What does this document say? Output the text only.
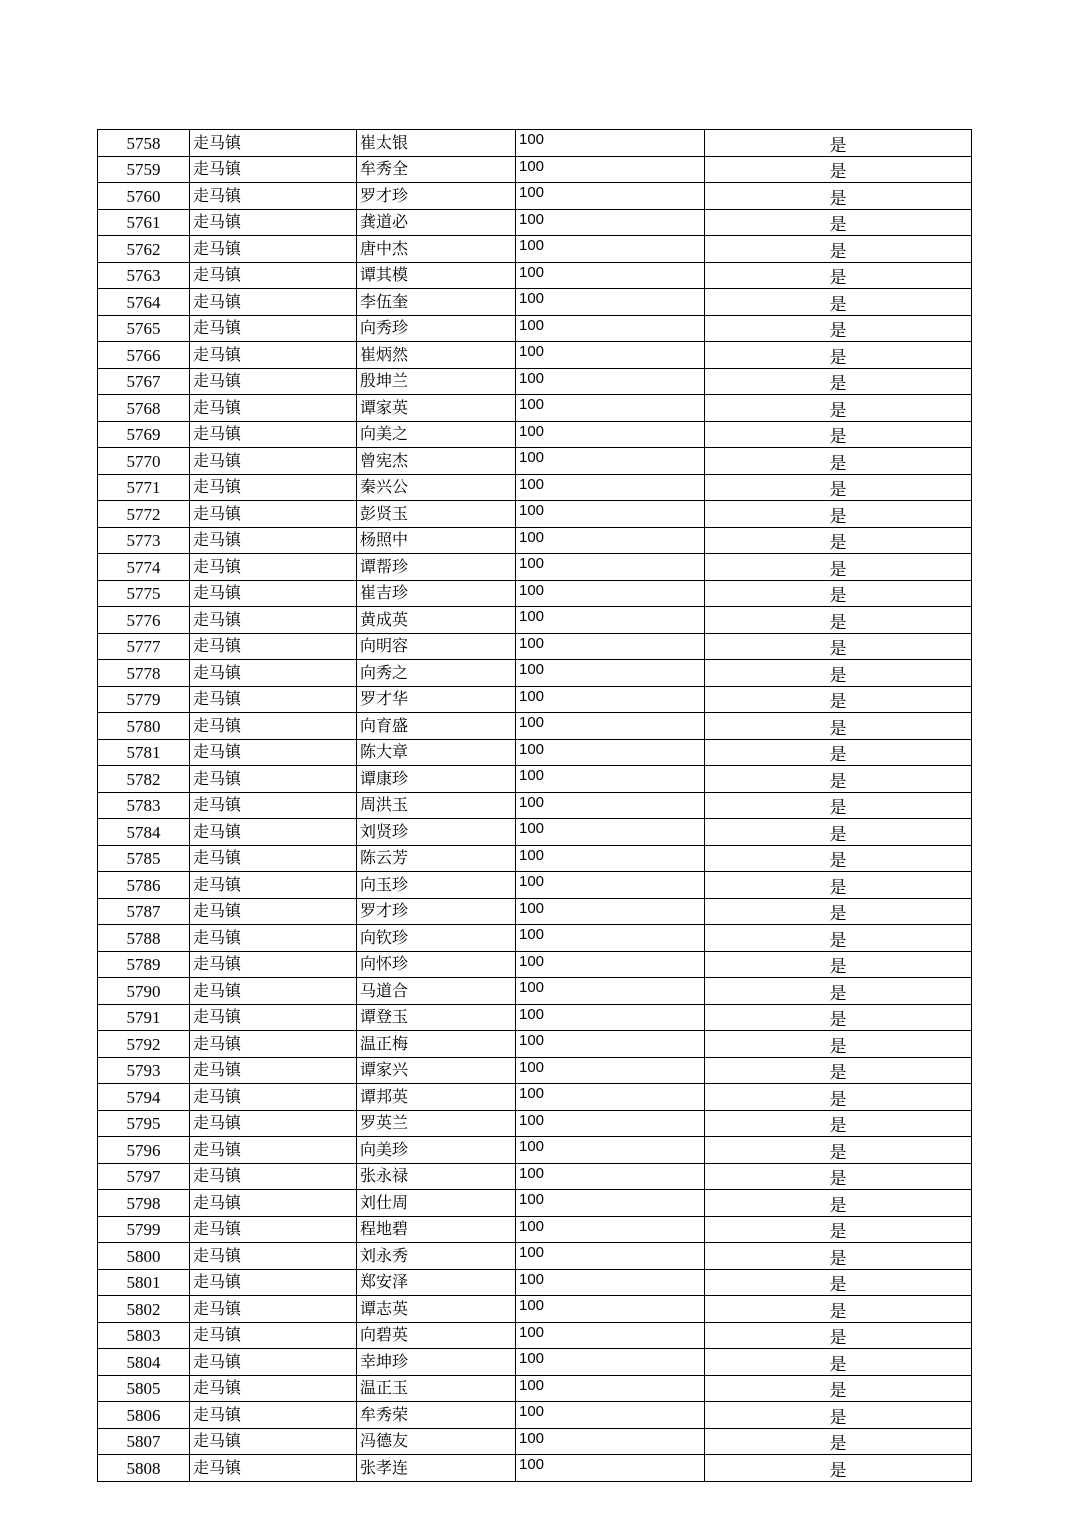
5758	走马镇	崔太银	100	是
5759	走马镇	牟秀全	100	是
5760	走马镇	罗才珍	100	是
5761	走马镇	龚道必	100	是
5762	走马镇	唐中杰	100	是
5763	走马镇	谭其模	100	是
5764	走马镇	李伍奎	100	是
5765	走马镇	向秀珍	100	是
5766	走马镇	崔炳然	100	是
5767	走马镇	殷坤兰	100	是
5768	走马镇	谭家英	100	是
5769	走马镇	向美之	100	是
5770	走马镇	曾宪杰	100	是
5771	走马镇	秦兴公	100	是
5772	走马镇	彭贤玉	100	是
5773	走马镇	杨照中	100	是
5774	走马镇	谭帮珍	100	是
5775	走马镇	崔吉珍	100	是
5776	走马镇	黄成英	100	是
5777	走马镇	向明容	100	是
5778	走马镇	向秀之	100	是
5779	走马镇	罗才华	100	是
5780	走马镇	向育盛	100	是
5781	走马镇	陈大章	100	是
5782	走马镇	谭康珍	100	是
5783	走马镇	周洪玉	100	是
5784	走马镇	刘贤珍	100	是
5785	走马镇	陈云芳	100	是
5786	走马镇	向玉珍	100	是
5787	走马镇	罗才珍	100	是
5788	走马镇	向钦珍	100	是
5789	走马镇	向怀珍	100	是
5790	走马镇	马道合	100	是
5791	走马镇	谭登玉	100	是
5792	走马镇	温正梅	100	是
5793	走马镇	谭家兴	100	是
5794	走马镇	谭邦英	100	是
5795	走马镇	罗英兰	100	是
5796	走马镇	向美珍	100	是
5797	走马镇	张永禄	100	是
5798	走马镇	刘仕周	100	是
5799	走马镇	程地碧	100	是
5800	走马镇	刘永秀	100	是
5801	走马镇	郑安泽	100	是
5802	走马镇	谭志英	100	是
5803	走马镇	向碧英	100	是
5804	走马镇	幸坤珍	100	是
5805	走马镇	温正玉	100	是
5806	走马镇	牟秀荣	100	是
5807	走马镇	冯德友	100	是
5808	走马镇	张孝连	100	是
